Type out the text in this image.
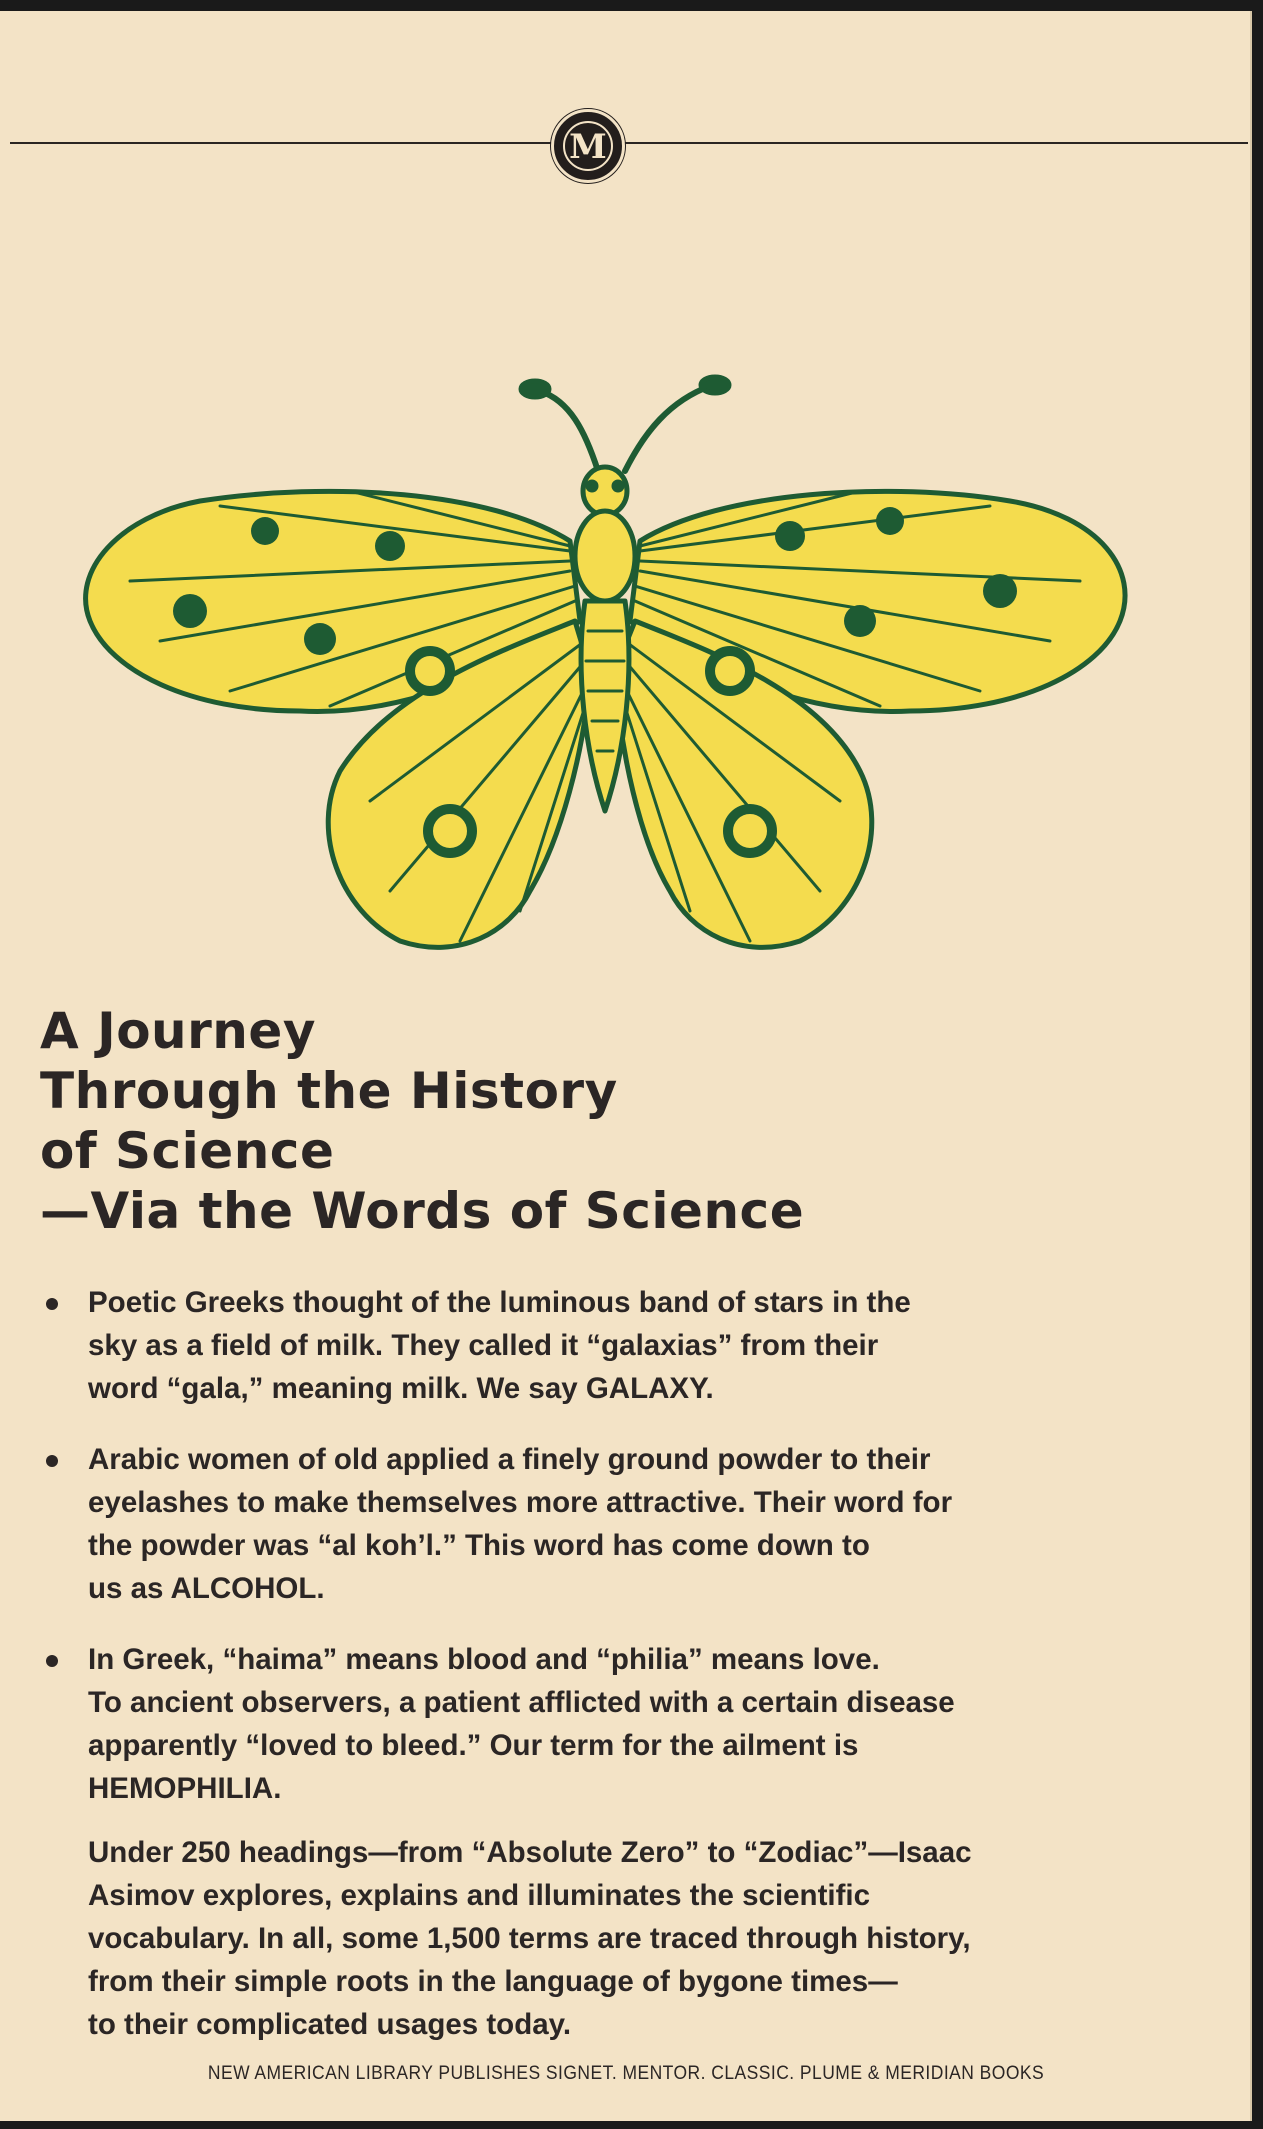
M
A Journey
Through the History
of Science
—Via the Words of Science
Poetic Greeks thought of the luminous band of stars in the
sky as a field of milk. They called it “galaxias” from their
word “gala,” meaning milk. We say GALAXY.
Arabic women of old applied a finely ground powder to their
eyelashes to make themselves more attractive. Their word for
the powder was “al koh’l.” This word has come down to
us as ALCOHOL.
In Greek, “haima” means blood and “philia” means love.
To ancient observers, a patient afflicted with a certain disease
apparently “loved to bleed.” Our term for the ailment is
HEMOPHILIA.

Under 250 headings—from “Absolute Zero” to “Zodiac”—Isaac
Asimov explores, explains and illuminates the scientific
vocabulary. In all, some 1,500 terms are traced through history,
from their simple roots in the language of bygone times—
to their complicated usages today.

NEW AMERICAN LIBRARY PUBLISHES SIGNET. MENTOR. CLASSIC. PLUME & MERIDIAN BOOKS
